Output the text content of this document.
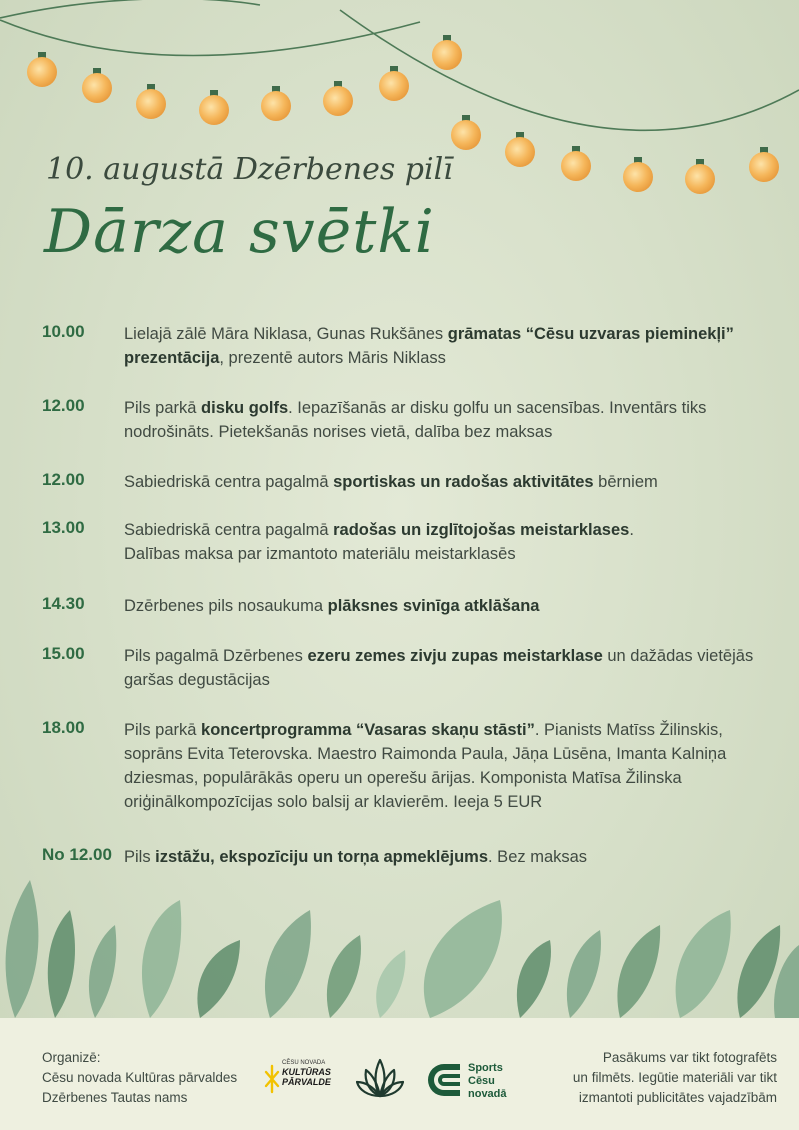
10. augustā Dzērbenes pilī
Dārza svētki
10.00 Lielajā zālē Māra Niklasa, Gunas Rukšānes grāmatas “Cēsu uzvaras pieminekļi” prezentācija, prezentē autors Māris Niklass
12.00 Pils parkā disku golfs. Iepazīšanās ar disku golfu un sacensības. Inventārs tiks nodrošināts. Pietekšanās norises vietā, dalība bez maksas
12.00 Sabiedriskā centra pagalmā sportiskas un radošas aktivitātes bērniem
13.00 Sabiedriskā centra pagalmā radošas un izglītojošas meistarklases.
Dalības maksa par izmantoto materiālu meistarklasēs
14.30 Dzērbenes pils nosaukuma plāksnes svinīga atklāšana
15.00 Pils pagalmā Dzērbenes ezeru zemes zivju zupas meistarklase un dažādas vietējās garšas degustācijas
18.00 Pils parkā koncertprogramma “Vasaras skaņu stāsti”. Pianists Matīss Žilinskis, soprāns Evita Teterovska. Maestro Raimonda Paula, Jāņa Lūsēna, Imanta Kalniņa dziesmas, populārākās operu un operešu ārijas. Komponista Matīsa Žilinska oriģinālkompozīcijas solo balsij ar klavierēm. Ieeja 5 EUR
No 12.00 Pils izstāžu, ekspozīciju un torņa apmeklējums. Bez maksas
Organizē:
Cēsu novada Kultūras pārvaldes
Dzērbenes Tautas nams
CĒSU NOVADA
KULTŪRAS
PĀRVALDE
Sports
Cēsu
novadā
Pasākums var tikt fotografēts
un filmēts. Iegūtie materiāli var tikt
izmantoti publicitātes vajadzībām
